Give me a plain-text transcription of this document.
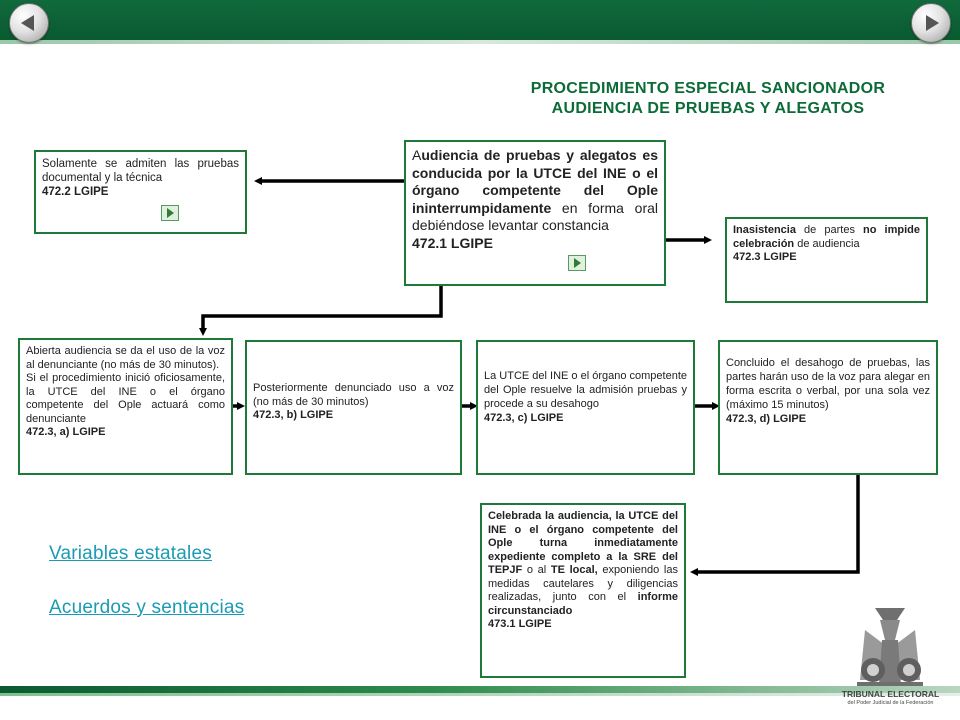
PROCEDIMIENTO ESPECIAL SANCIONADOR
AUDIENCIA DE PRUEBAS Y ALEGATOS
Solamente se admiten las pruebas documental y la técnica
472.2 LGIPE
Audiencia de pruebas y alegatos es conducida por la UTCE del INE o el órgano competente del Ople ininterrumpidamente en forma oral debiéndose levantar constancia
472.1 LGIPE
Inasistencia de partes no impide celebración de audiencia
472.3 LGIPE
Abierta audiencia se da el uso de la voz al denunciante (no más de 30 minutos).
Si el procedimiento inició oficiosamente, la UTCE del INE o el órgano competente del Ople actuará como denunciante
472.3, a) LGIPE
Posteriormente denunciado uso a voz (no más de 30 minutos)
472.3, b) LGIPE
La UTCE del INE o el órgano competente del Ople resuelve la admisión pruebas y procede a su desahogo
472.3, c) LGIPE
Concluido el desahogo de pruebas, las partes harán uso de la voz para alegar en forma escrita o verbal, por una sola vez (máximo 15 minutos)
472.3, d) LGIPE
Celebrada la audiencia, la UTCE del INE o el órgano competente del Ople turna inmediatamente expediente completo a la SRE del TEPJF o al TE local, exponiendo las medidas cautelares y diligencias realizadas, junto con el informe circunstanciado
473.1 LGIPE
Variables estatales
Acuerdos y sentencias
TRIBUNAL ELECTORAL
del Poder Judicial de la Federación
